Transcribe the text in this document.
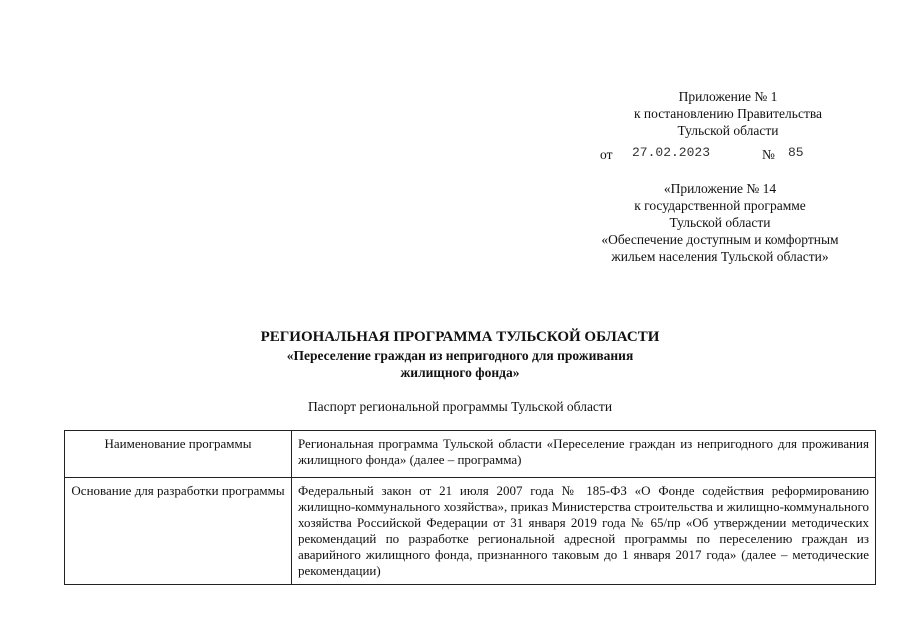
Приложение № 1
к постановлению Правительства
Тульской области
от 27.02.2023	№ 85
«Приложение № 14
к государственной программе
Тульской области
«Обеспечение доступным и комфортным
жильем населения Тульской области»
РЕГИОНАЛЬНАЯ ПРОГРАММА ТУЛЬСКОЙ ОБЛАСТИ
«Переселение граждан из непригодного для проживания
жилищного фонда»
Паспорт региональной программы Тульской области
Наименование программы	Региональная программа Тульской области «Переселение граждан из непригодного для проживания жилищного фонда» (далее – программа)
Основание для разработки программы	Федеральный закон от 21 июля 2007 года № 185-ФЗ «О Фонде содействия реформированию жилищно-коммунального хозяйства», приказ Министерства строительства и жилищно-коммунального хозяйства Российской Федерации от 31 января 2019 года № 65/пр «Об утверждении методических рекомендаций по разработке региональной адресной программы по переселению граждан из аварийного жилищного фонда, признанного таковым до 1 января 2017 года» (далее – методические рекомендации)
